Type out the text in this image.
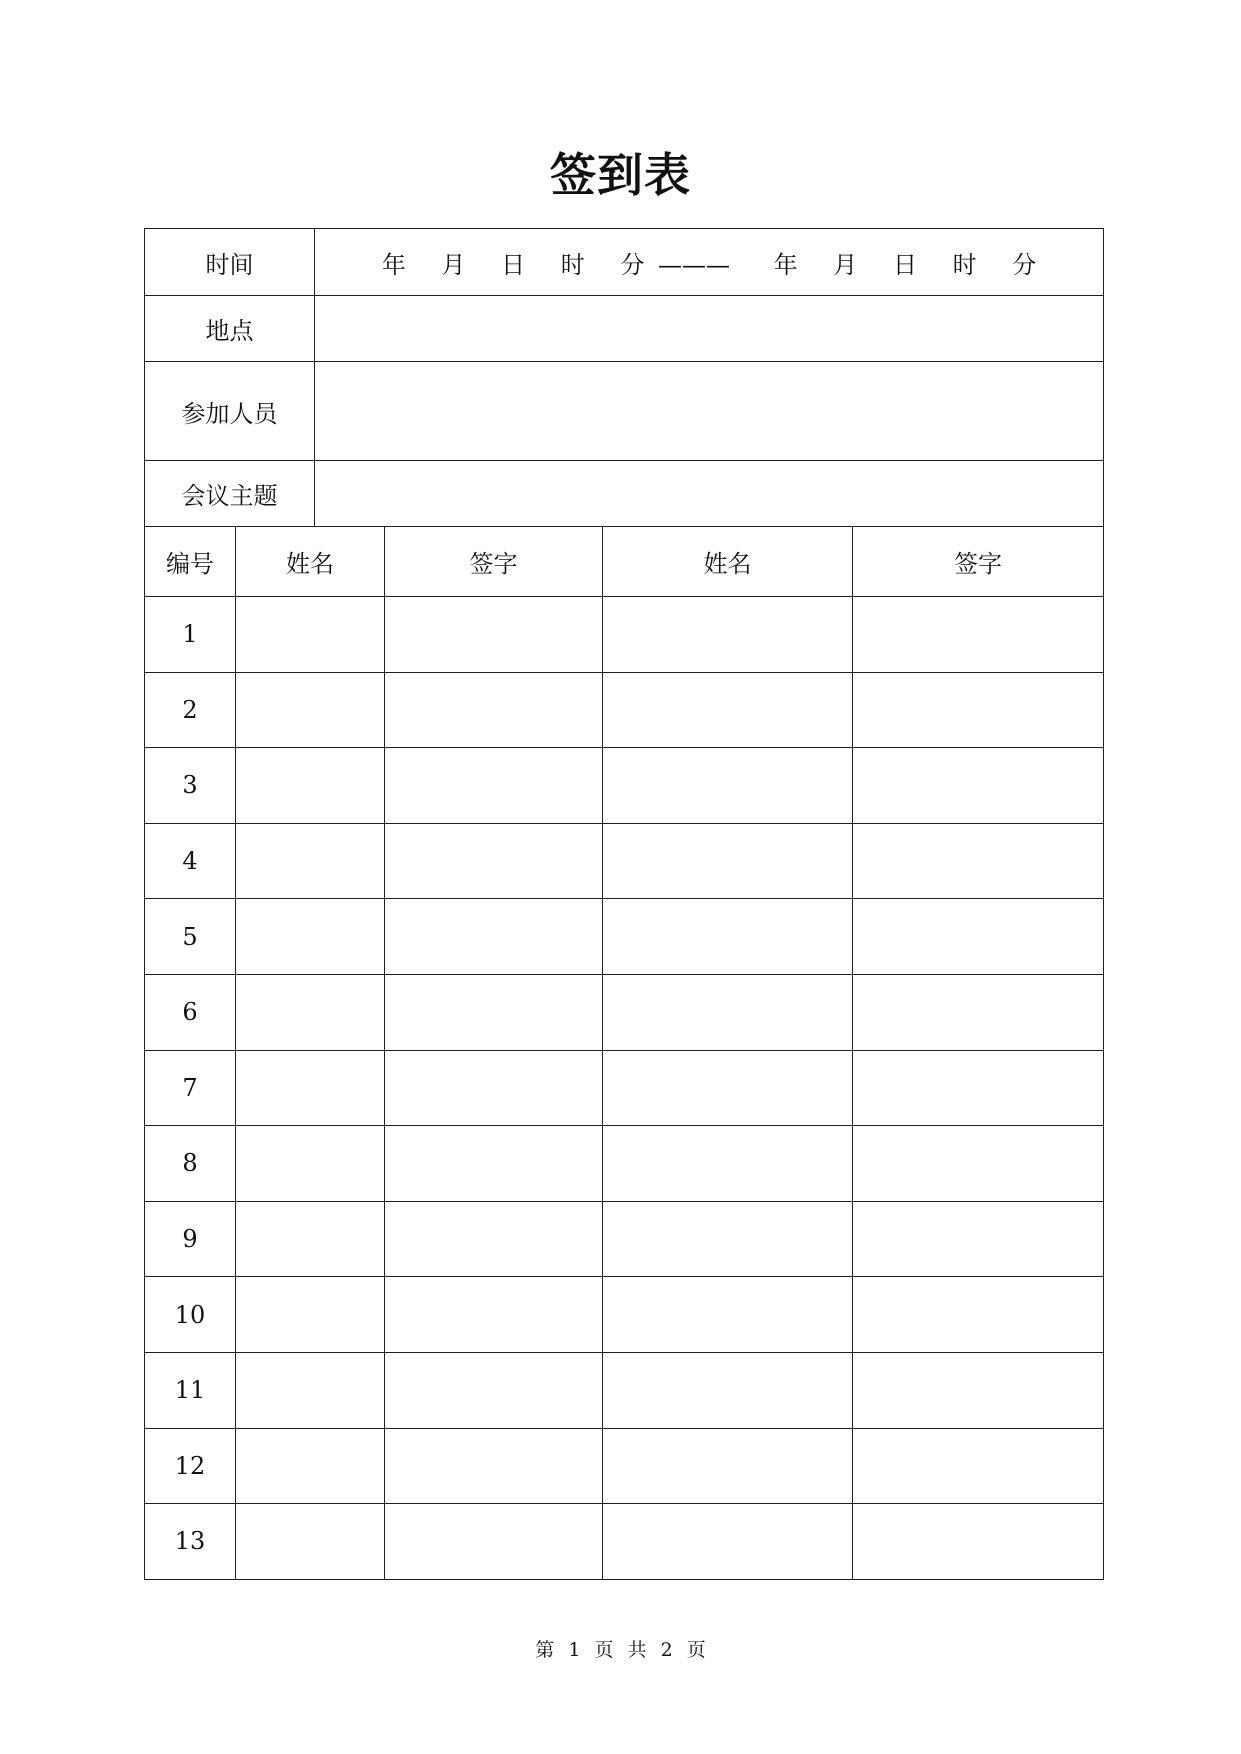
签到表
时间		年 月 日 时 分 ——— 年 月 日 时 分			
地点					
参加人员					
会议主题					
编号	姓名		签字	姓名	签字
1					
2					
3					
4					
5					
6					
7					
8					
9					
10					
11					
12					
13					
第 1 页 共 2 页
